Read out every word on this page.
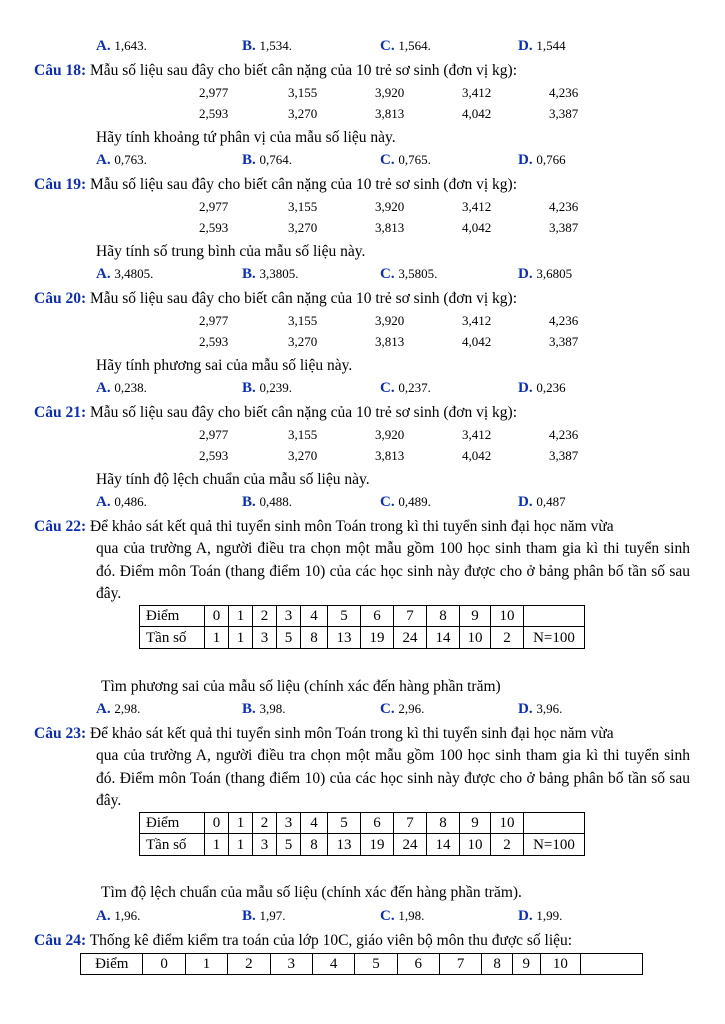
A. 1,643.	B. 1,534.	C. 1,564.	D. 1,544
Câu 18: Mẫu số liệu sau đây cho biết cân nặng của 10 trẻ sơ sinh (đơn vị kg):
2,977	3,155	3,920	3,412	4,236
2,593	3,270	3,813	4,042	3,387
Hãy tính khoảng tứ phân vị của mẫu số liệu này.
A. 0,763.	B. 0,764.	C. 0,765.	D. 0,766
Câu 19: Mẫu số liệu sau đây cho biết cân nặng của 10 trẻ sơ sinh (đơn vị kg):
2,977	3,155	3,920	3,412	4,236
2,593	3,270	3,813	4,042	3,387
Hãy tính số trung bình của mẫu số liệu này.
A. 3,4805.	B. 3,3805.	C. 3,5805.	D. 3,6805
Câu 20: Mẫu số liệu sau đây cho biết cân nặng của 10 trẻ sơ sinh (đơn vị kg):
2,977	3,155	3,920	3,412	4,236
2,593	3,270	3,813	4,042	3,387
Hãy tính phương sai của mẫu số liệu này.
A. 0,238.	B. 0,239.	C. 0,237.	D. 0,236
Câu 21: Mẫu số liệu sau đây cho biết cân nặng của 10 trẻ sơ sinh (đơn vị kg):
2,977	3,155	3,920	3,412	4,236
2,593	3,270	3,813	4,042	3,387
Hãy tính độ lệch chuẩn của mẫu số liệu này.
A. 0,486.	B. 0,488.	C. 0,489.	D. 0,487
Câu 22: Để khảo sát kết quả thi tuyển sinh môn Toán trong kì thi tuyển sinh đại học năm vừa
qua của trường A, người điều tra chọn một mẫu gồm 100 học sinh tham gia kì thi tuyển sinh đó. Điểm môn Toán (thang điểm 10) của các học sinh này được cho ở bảng phân bố tần số sau đây.
Điểm	0	1	2	3	4	5	6	7	8	9	10	
Tần số	1	1	3	5	8	13	19	24	14	10	2	N=100
Tìm phương sai của mẫu số liệu (chính xác đến hàng phần trăm)
A. 2,98.	B. 3,98.	C. 2,96.	D. 3,96.
Câu 23: Để khảo sát kết quả thi tuyển sinh môn Toán trong kì thi tuyển sinh đại học năm vừa
qua của trường A, người điều tra chọn một mẫu gồm 100 học sinh tham gia kì thi tuyển sinh đó. Điểm môn Toán (thang điểm 10) của các học sinh này được cho ở bảng phân bố tần số sau đây.
Điểm	0	1	2	3	4	5	6	7	8	9	10	
Tần số	1	1	3	5	8	13	19	24	14	10	2	N=100
Tìm độ lệch chuẩn của mẫu số liệu (chính xác đến hàng phần trăm).
A. 1,96.	B. 1,97.	C. 1,98.	D. 1,99.
Câu 24: Thống kê điểm kiểm tra toán của lớp 10C, giáo viên bộ môn thu được số liệu:
Điểm	0	1	2	3	4	5	6	7	8	9	10	
